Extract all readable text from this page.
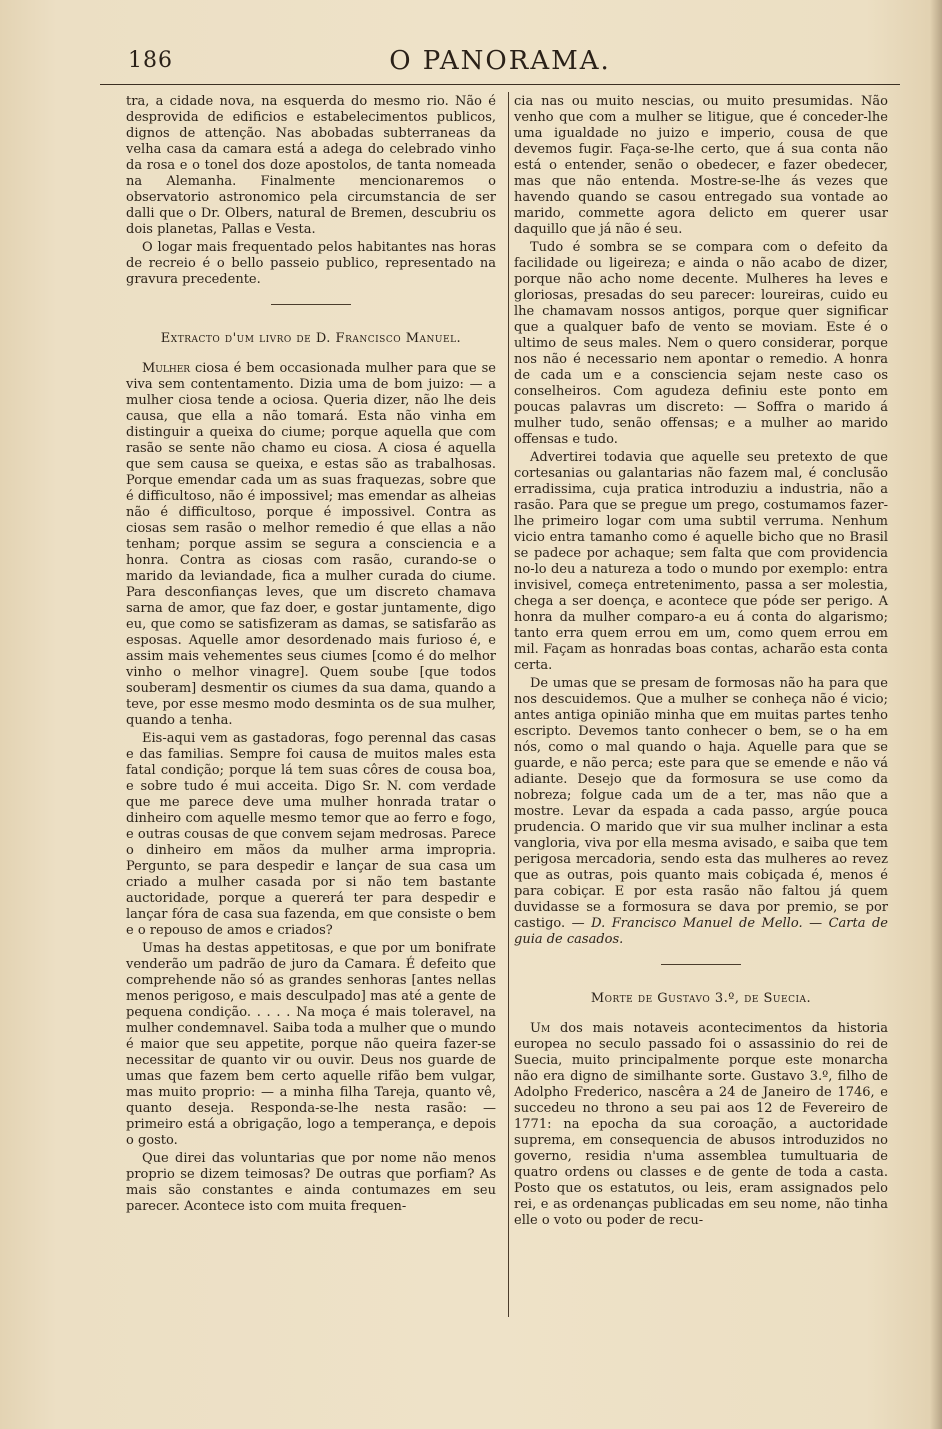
186	O PANORAMA.

tra, a cidade nova, na esquerda do mesmo rio. Não é desprovida de edificios e estabelecimentos publicos, dignos de attenção. Nas abobadas subterraneas da velha casa da camara está a adega do celebrado vinho da rosa e o tonel dos doze apostolos, de tanta nomeada na Alemanha. Finalmente mencionaremos o observatorio astronomico pela circumstancia de ser dalli que o Dr. Olbers, natural de Bremen, descubriu os dois planetas, Pallas e Vesta.

O logar mais frequentado pelos habitantes nas horas de recreio é o bello passeio publico, representado na gravura precedente.

Extracto d'um livro de D. Francisco Manuel.

Mulher ciosa é bem occasionada mulher para que se viva sem contentamento. Dizia uma de bom juizo: — a mulher ciosa tende a ociosa. Queria dizer, não lhe deis causa, que ella a não tomará. Esta não vinha em distinguir a queixa do ciume; porque aquella que com rasão se sente não chamo eu ciosa. A ciosa é aquella que sem causa se queixa, e estas são as trabalhosas. Porque emendar cada um as suas fraquezas, sobre que é difficultoso, não é impossivel; mas emendar as alheias não é difficultoso, porque é impossivel. Contra as ciosas sem rasão o melhor remedio é que ellas a não tenham; porque assim se segura a consciencia e a honra. Contra as ciosas com rasão, curando-se o marido da leviandade, fica a mulher curada do ciume. Para desconfianças leves, que um discreto chamava sarna de amor, que faz doer, e gostar juntamente, digo eu, que como se satisfizeram as damas, se satisfarão as esposas. Aquelle amor desordenado mais furioso é, e assim mais vehementes seus ciumes [como é do melhor vinho o melhor vinagre]. Quem soube [que todos souberam] desmentir os ciumes da sua dama, quando a teve, por esse mesmo modo desminta os de sua mulher, quando a tenha.

Eis-aqui vem as gastadoras, fogo perennal das casas e das familias. Sempre foi causa de muitos males esta fatal condição; porque lá tem suas côres de cousa boa, e sobre tudo é mui acceita. Digo Sr. N. com verdade que me parece deve uma mulher honrada tratar o dinheiro com aquelle mesmo temor que ao ferro e fogo, e outras cousas de que convem sejam medrosas. Parece o dinheiro em mãos da mulher arma impropria. Pergunto, se para despedir e lançar de sua casa um criado a mulher casada por si não tem bastante auctoridade, porque a quererá ter para despedir e lançar fóra de casa sua fazenda, em que consiste o bem e o repouso de amos e criados?

Umas ha destas appetitosas, e que por um bonifrate venderão um padrão de juro da Camara. É defeito que comprehende não só as grandes senhoras [antes nellas menos perigoso, e mais desculpado] mas até a gente de pequena condição. . . . . Na moça é mais toleravel, na mulher condemnavel. Saiba toda a mulher que o mundo é maior que seu appetite, porque não queira fazer-se necessitar de quanto vir ou ouvir. Deus nos guarde de umas que fazem bem certo aquelle rifão bem vulgar, mas muito proprio: — a minha filha Tareja, quanto vê, quanto deseja. Responda-se-lhe nesta rasão: — primeiro está a obrigação, logo a temperança, e depois o gosto.

Que direi das voluntarias que por nome não menos proprio se dizem teimosas? De outras que porfiam? As mais são constantes e ainda contumazes em seu parecer. Acontece isto com muita frequen-

cia nas ou muito nescias, ou muito presumidas. Não venho que com a mulher se litigue, que é conceder-lhe uma igualdade no juizo e imperio, cousa de que devemos fugir. Faça-se-lhe certo, que á sua conta não está o entender, senão o obedecer, e fazer obedecer, mas que não entenda. Mostre-se-lhe ás vezes que havendo quando se casou entregado sua vontade ao marido, commette agora delicto em querer usar daquillo que já não é seu.

Tudo é sombra se se compara com o defeito da facilidade ou ligeireza; e ainda o não acabo de dizer, porque não acho nome decente. Mulheres ha leves e gloriosas, presadas do seu parecer: loureiras, cuido eu lhe chamavam nossos antigos, porque quer significar que a qualquer bafo de vento se moviam. Este é o ultimo de seus males. Nem o quero considerar, porque nos não é necessario nem apontar o remedio. A honra de cada um e a consciencia sejam neste caso os conselheiros. Com agudeza definiu este ponto em poucas palavras um discreto: — Soffra o marido á mulher tudo, senão offensas; e a mulher ao marido offensas e tudo.

Advertirei todavia que aquelle seu pretexto de que cortesanias ou galantarias não fazem mal, é conclusão erradissima, cuja pratica introduziu a industria, não a rasão. Para que se pregue um prego, costumamos fazer-lhe primeiro logar com uma subtil verruma. Nenhum vicio entra tamanho como é aquelle bicho que no Brasil se padece por achaque; sem falta que com providencia no-lo deu a natureza a todo o mundo por exemplo: entra invisivel, começa entretenimento, passa a ser molestia, chega a ser doença, e acontece que póde ser perigo. A honra da mulher comparo-a eu á conta do algarismo; tanto erra quem errou em um, como quem errou em mil. Façam as honradas boas contas, acharão esta conta certa.

De umas que se presam de formosas não ha para que nos descuidemos. Que a mulher se conheça não é vicio; antes antiga opinião minha que em muitas partes tenho escripto. Devemos tanto conhecer o bem, se o ha em nós, como o mal quando o haja. Aquelle para que se guarde, e não perca; este para que se emende e não vá adiante. Desejo que da formosura se use como da nobreza; folgue cada um de a ter, mas não que a mostre. Levar da espada a cada passo, argúe pouca prudencia. O marido que vir sua mulher inclinar a esta vangloria, viva por ella mesma avisado, e saiba que tem perigosa mercadoria, sendo esta das mulheres ao revez que as outras, pois quanto mais cobiçada é, menos é para cobiçar. E por esta rasão não faltou já quem duvidasse se a formosura se dava por premio, se por castigo. — D. Francisco Manuel de Mello. — Carta de guia de casados.

Morte de Gustavo 3.º, de Suecia.

Um dos mais notaveis acontecimentos da historia europea no seculo passado foi o assassinio do rei de Suecia, muito principalmente porque este monarcha não era digno de similhante sorte. Gustavo 3.º, filho de Adolpho Frederico, nascêra a 24 de Janeiro de 1746, e succedeu no throno a seu pai aos 12 de Fevereiro de 1771: na epocha da sua coroação, a auctoridade suprema, em consequencia de abusos introduzidos no governo, residia n'uma assemblea tumultuaria de quatro ordens ou classes e de gente de toda a casta. Posto que os estatutos, ou leis, eram assignados pelo rei, e as ordenanças publicadas em seu nome, não tinha elle o voto ou poder de recu-
